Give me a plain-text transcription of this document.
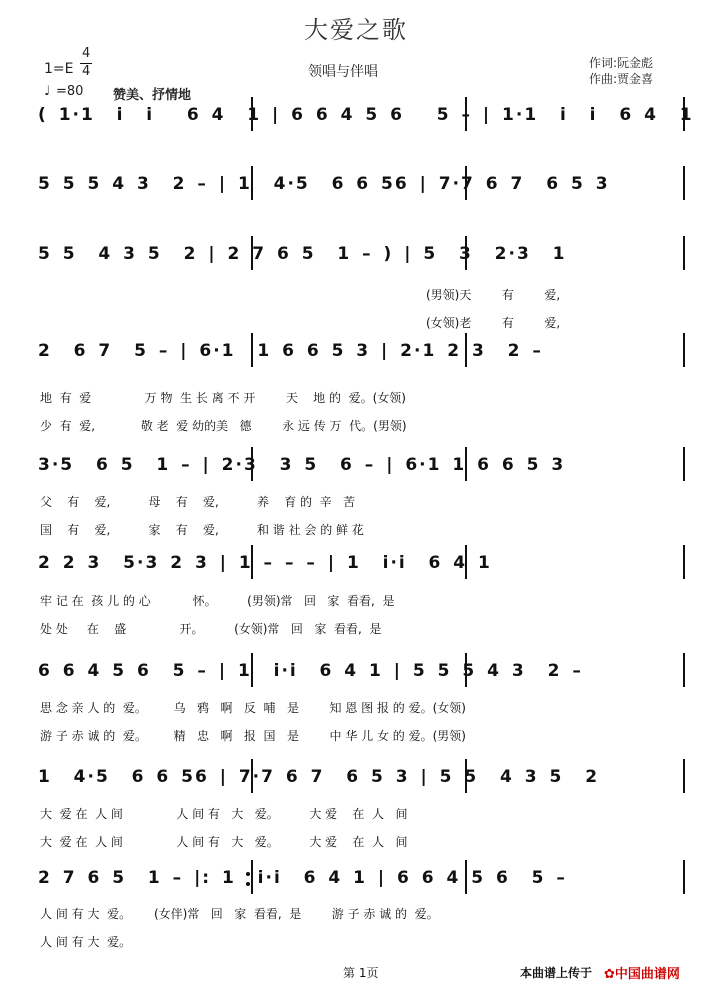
大爱之歌
1=E
4
4
♩ =80 赞美、抒情地
领唱与伴唱
作词:阮金彪
作曲:贾金喜
( 1·1  i  i   6 4  1 | 6 6 4 5 6   5 – | 1·1  i  i  6 4  1
5 5 5 4 3  2 – | 1  4·5  6 6 56 | 7·7 6 7  6 5 3
5 5  4 3 5  2 | 2 7 6 5  1 – ) | 5  3  2·3  1
(男领)天        有        爱,
(女领)老        有        爱,
2  6 7  5 – | 6·1  1 6 6 5 3 | 2·1 2 3  2 –
地  有  爱              万 物  生 长 离 不 开        天    地 的  爱。(女领)
少  有  爱,            敬 老  爱 幼的美   德        永 远 传 万  代。(男领)
3·5  6 5  1 – | 2·3  3 5  6 – | 6·1 1 6 6 5 3
父    有    爱,          母    有    爱,          养    育 的  辛   苦
国    有    爱,          家    有    爱,          和 谐 社 会 的 鲜 花
2 2 3  5·3 2 3 | 1 – – – | 1  i·i  6 4 1
牢 记 在  孩 儿 的 心           怀。        (男领)常   回   家  看看,  是
处 处     在    盛              开。        (女领)常   回   家  看看,  是
6 6 4 5 6  5 – | 1  i·i  6 4 1 | 5 5 5 4 3  2 –
思 念 亲 人 的  爱。       乌   鸦   啊   反  哺   是        知 恩 图 报 的 爱。(女领)
游 子 赤 诚 的  爱。       精   忠   啊   报  国   是        中 华 儿 女 的 爱。(男领)
1  4·5  6 6 56 | 7·7 6 7  6 5 3 | 5 5  4 3 5  2
大  爱 在  人 间              人 间 有   大   爱。        大 爱    在  人   间
大  爱 在  人 间              人 间 有   大   爱。        大 爱    在  人   间
2 7 6 5  1 – |: 1  i·i  6 4 1 | 6 6 4 5 6  5 –
人 间 有 大  爱。      (女伴)常   回   家  看看,  是        游 子 赤 诚 的  爱。
人 间 有 大  爱。
第 1页	本曲谱上传于 ✿中国曲谱网
